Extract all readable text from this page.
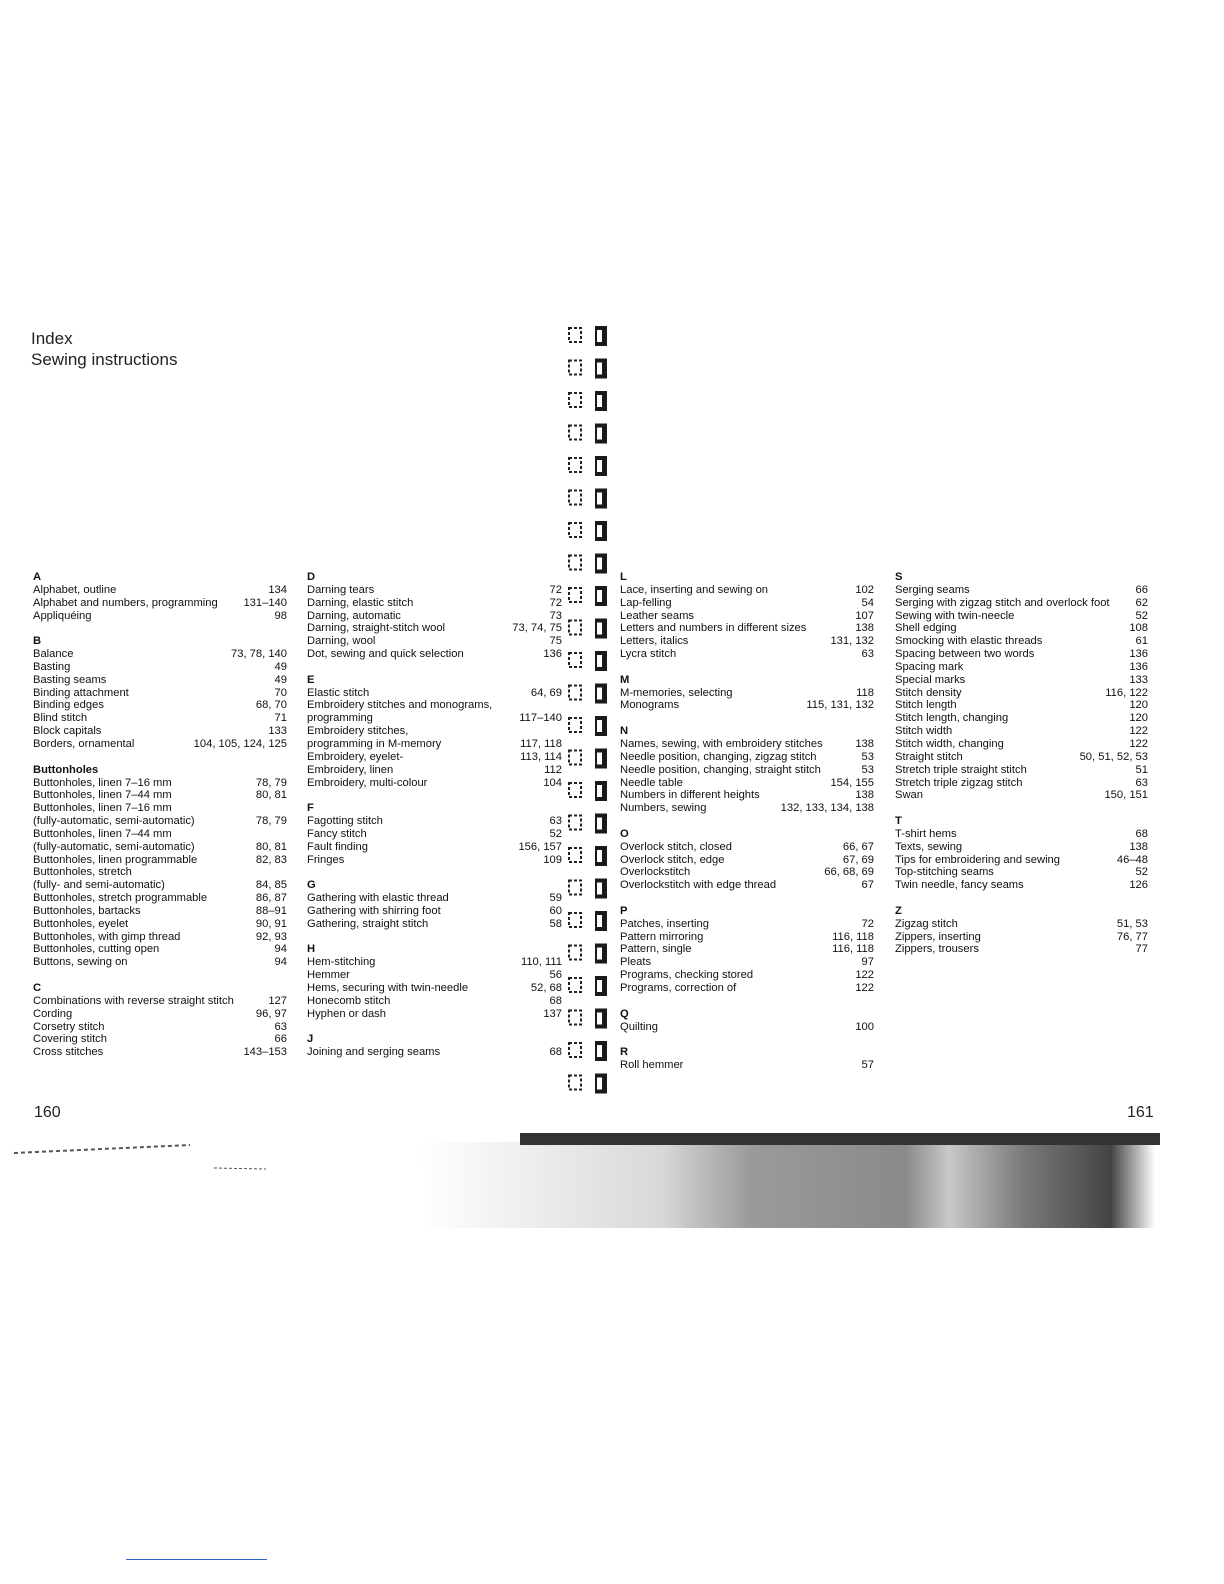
Index
Sewing instructions
A
Alphabet, outline	134
Alphabet and numbers, programming	131–140
Appliquéing	98
B
Balance	73, 78, 140
Basting	49
Basting seams	49
Binding attachment	70
Binding edges	68, 70
Blind stitch	71
Block capitals	133
Borders, ornamental	104, 105, 124, 125
Buttonholes
Buttonholes, linen 7–16 mm	78, 79
Buttonholes, linen 7–44 mm	80, 81
Buttonholes, linen 7–16 mm
(fully-automatic, semi-automatic)	78, 79
Buttonholes, linen 7–44 mm
(fully-automatic, semi-automatic)	80, 81
Buttonholes, linen programmable	82, 83
Buttonholes, stretch
(fully- and semi-automatic)	84, 85
Buttonholes, stretch programmable	86, 87
Buttonholes, bartacks	88–91
Buttonholes, eyelet	90, 91
Buttonholes, with gimp thread	92, 93
Buttonholes, cutting open	94
Buttons, sewing on	94
C
Combinations with reverse straight stitch	127
Cording	96, 97
Corsetry stitch	63
Covering stitch	66
Cross stitches	143–153
D
Darning tears	72
Darning, elastic stitch	72
Darning, automatic	73
Darning, straight-stitch wool	73, 74, 75
Darning, wool	75
Dot, sewing and quick selection	136
E
Elastic stitch	64, 69
Embroidery stitches and monograms,
programming	117–140
Embroidery stitches,
programming in M-memory	117, 118
Embroidery, eyelet-	113, 114
Embroidery, linen	112
Embroidery, multi-colour	104
F
Fagotting stitch	63
Fancy stitch	52
Fault finding	156, 157
Fringes	109
G
Gathering with elastic thread	59
Gathering with shirring foot	60
Gathering, straight stitch	58
H
Hem-stitching	110, 111
Hemmer	56
Hems, securing with twin-needle	52, 68
Honecomb stitch	68
Hyphen or dash	137
J
Joining and serging seams	68
L
Lace, inserting and sewing on	102
Lap-felling	54
Leather seams	107
Letters and numbers in different sizes	138
Letters, italics	131, 132
Lycra stitch	63
M
M-memories, selecting	118
Monograms	115, 131, 132
N
Names, sewing, with embroidery stitches	138
Needle position, changing, zigzag stitch	53
Needle position, changing, straight stitch	53
Needle table	154, 155
Numbers in different heights	138
Numbers, sewing	132, 133, 134, 138
O
Overlock stitch, closed	66, 67
Overlock stitch, edge	67, 69
Overlockstitch	66, 68, 69
Overlockstitch with edge thread	67
P
Patches, inserting	72
Pattern mirroring	116, 118
Pattern, single	116, 118
Pleats	97
Programs, checking stored	122
Programs, correction of	122
Q
Quilting	100
R
Roll hemmer	57
S
Serging seams	66
Serging with zigzag stitch and overlock foot	62
Sewing with twin-neecle	52
Shell edging	108
Smocking with elastic threads	61
Spacing between two words	136
Spacing mark	136
Special marks	133
Stitch density	116, 122
Stitch length	120
Stitch length, changing	120
Stitch width	122
Stitch width, changing	122
Straight stitch	50, 51, 52, 53
Stretch triple straight stitch	51
Stretch triple zigzag stitch	63
Swan	150, 151
T
T-shirt hems	68
Texts, sewing	138
Tips for embroidering and sewing	46–48
Top-stitching seams	52
Twin needle, fancy seams	126
Z
Zigzag stitch	51, 53
Zippers, inserting	76, 77
Zippers, trousers	77
160	161
